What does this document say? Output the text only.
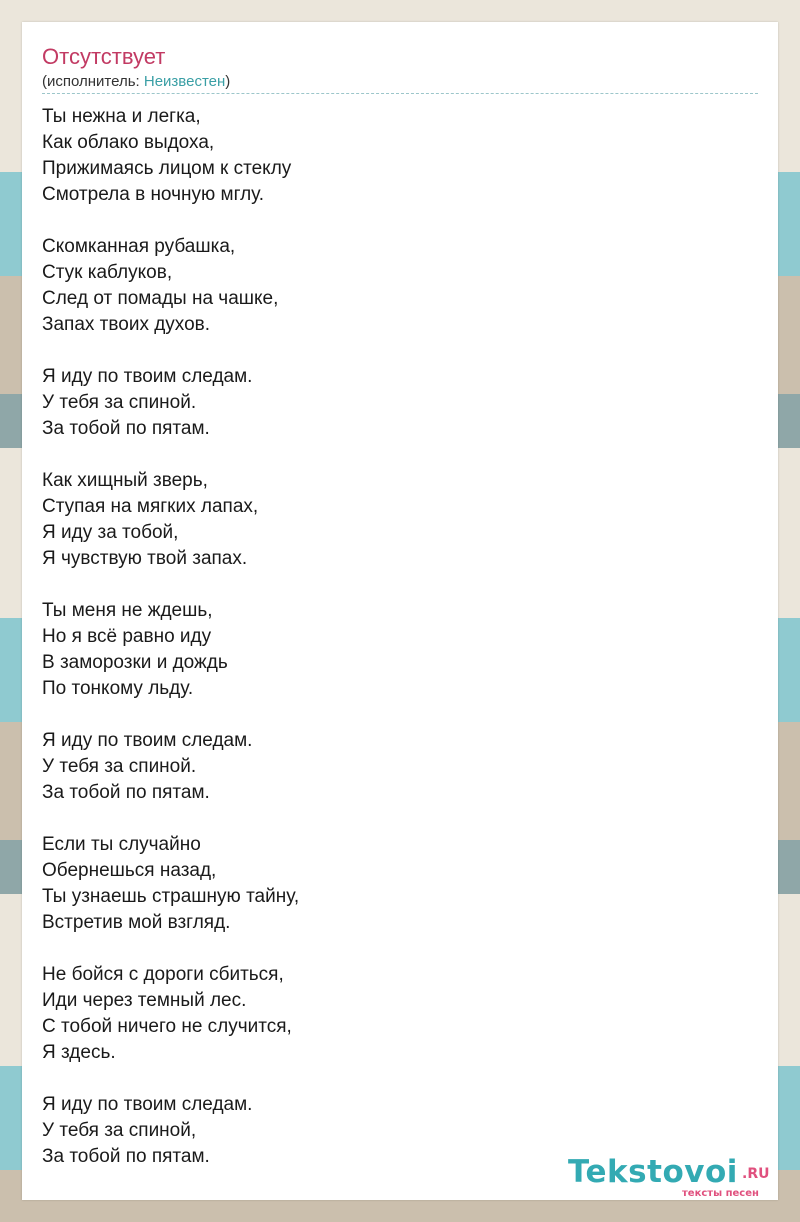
Отсутствует
(исполнитель: Неизвестен)
Ты нежна и легка,
Как облако выдоха,
Прижимаясь лицом к стеклу
Смотрела в ночную мглу.
Скомканная рубашка,
Стук каблуков,
След от помады на чашке,
Запах твоих духов.
Я иду по твоим следам.
У тебя за спиной.
За тобой по пятам.
Как хищный зверь,
Ступая на мягких лапах,
Я иду за тобой,
Я чувствую твой запах.
Ты меня не ждешь,
Но я всё равно иду
В заморозки и дождь
По тонкому льду.
Я иду по твоим следам.
У тебя за спиной.
За тобой по пятам.
Если ты случайно
Обернешься назад,
Ты узнаешь страшную тайну,
Встретив мой взгляд.
Не бойся с дороги сбиться,
Иди через темный лес.
С тобой ничего не случится,
Я здесь.
Я иду по твоим следам.
У тебя за спиной,
За тобой по пятам.	Tekstovoi .RU
тексты песен
